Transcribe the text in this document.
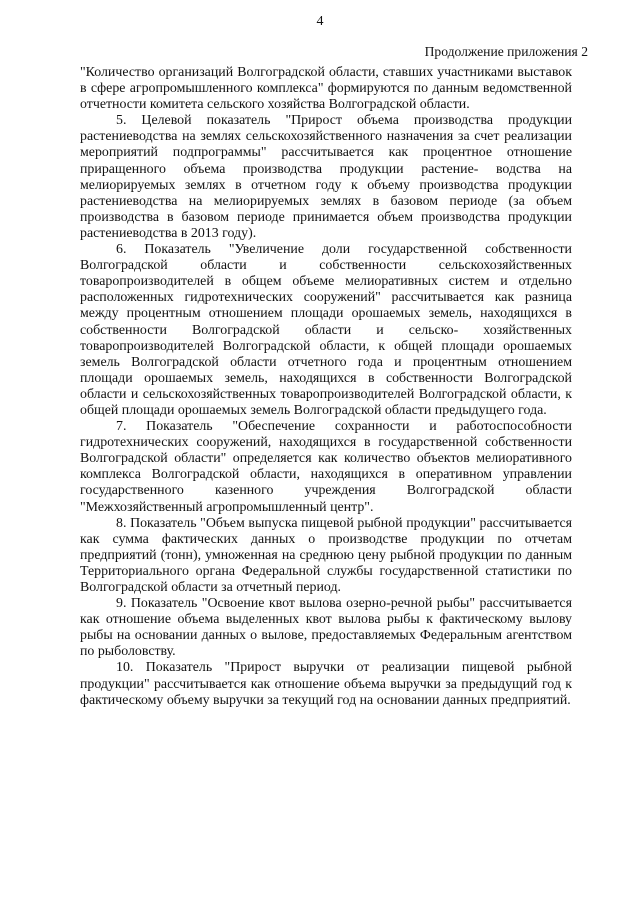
4
Продолжение приложения 2

"Количество организаций Волгоградской области, ставших участниками выставок в сфере агропромышленного комплекса" формируются по данным ведомственной отчетности комитета сельского хозяйства Волгоградской области.

5. Целевой показатель "Прирост объема производства продукции растениеводства на землях сельскохозяйственного назначения за счет реализации мероприятий подпрограммы" рассчитывается как процентное отношение приращенного объема производства продукции растение- водства на мелиорируемых землях в отчетном году к объему производства продукции растениеводства на мелиорируемых землях в базовом периоде (за объем производства в базовом периоде принимается объем производства продукции растениеводства в 2013 году).

6. Показатель "Увеличение доли государственной собственности Волгоградской области и собственности сельскохозяйственных товаропроизводителей в общем объеме мелиоративных систем и отдельно расположенных гидротехнических сооружений" рассчитывается как разница между процентным отношением площади орошаемых земель, находящихся в собственности Волгоградской области и сельско- хозяйственных товаропроизводителей Волгоградской области, к общей площади орошаемых земель Волгоградской области отчетного года и процентным отношением площади орошаемых земель, находящихся в собственности Волгоградской области и сельскохозяйственных товаропроизводителей Волгоградской области, к общей площади орошаемых земель Волгоградской области предыдущего года.

7. Показатель "Обеспечение сохранности и работоспособности гидротехнических сооружений, находящихся в государственной собственности Волгоградской области" определяется как количество объектов мелиоративного комплекса Волгоградской области, находящихся в оперативном управлении государственного казенного учреждения Волгоградской области "Межхозяйственный агропромышленный центр".

8. Показатель "Объем выпуска пищевой рыбной продукции" рассчитывается как сумма фактических данных о производстве продукции по отчетам предприятий (тонн), умноженная на среднюю цену рыбной продукции по данным Территориального органа Федеральной службы государственной статистики по Волгоградской области за отчетный период.

9. Показатель "Освоение квот вылова озерно-речной рыбы" рассчитывается как отношение объема выделенных квот вылова рыбы к фактическому вылову рыбы на основании данных о вылове, предоставляемых Федеральным агентством по рыболовству.

10. Показатель "Прирост выручки от реализации пищевой рыбной продукции" рассчитывается как отношение объема выручки за предыдущий год к фактическому объему выручки за текущий год на основании данных предприятий.
